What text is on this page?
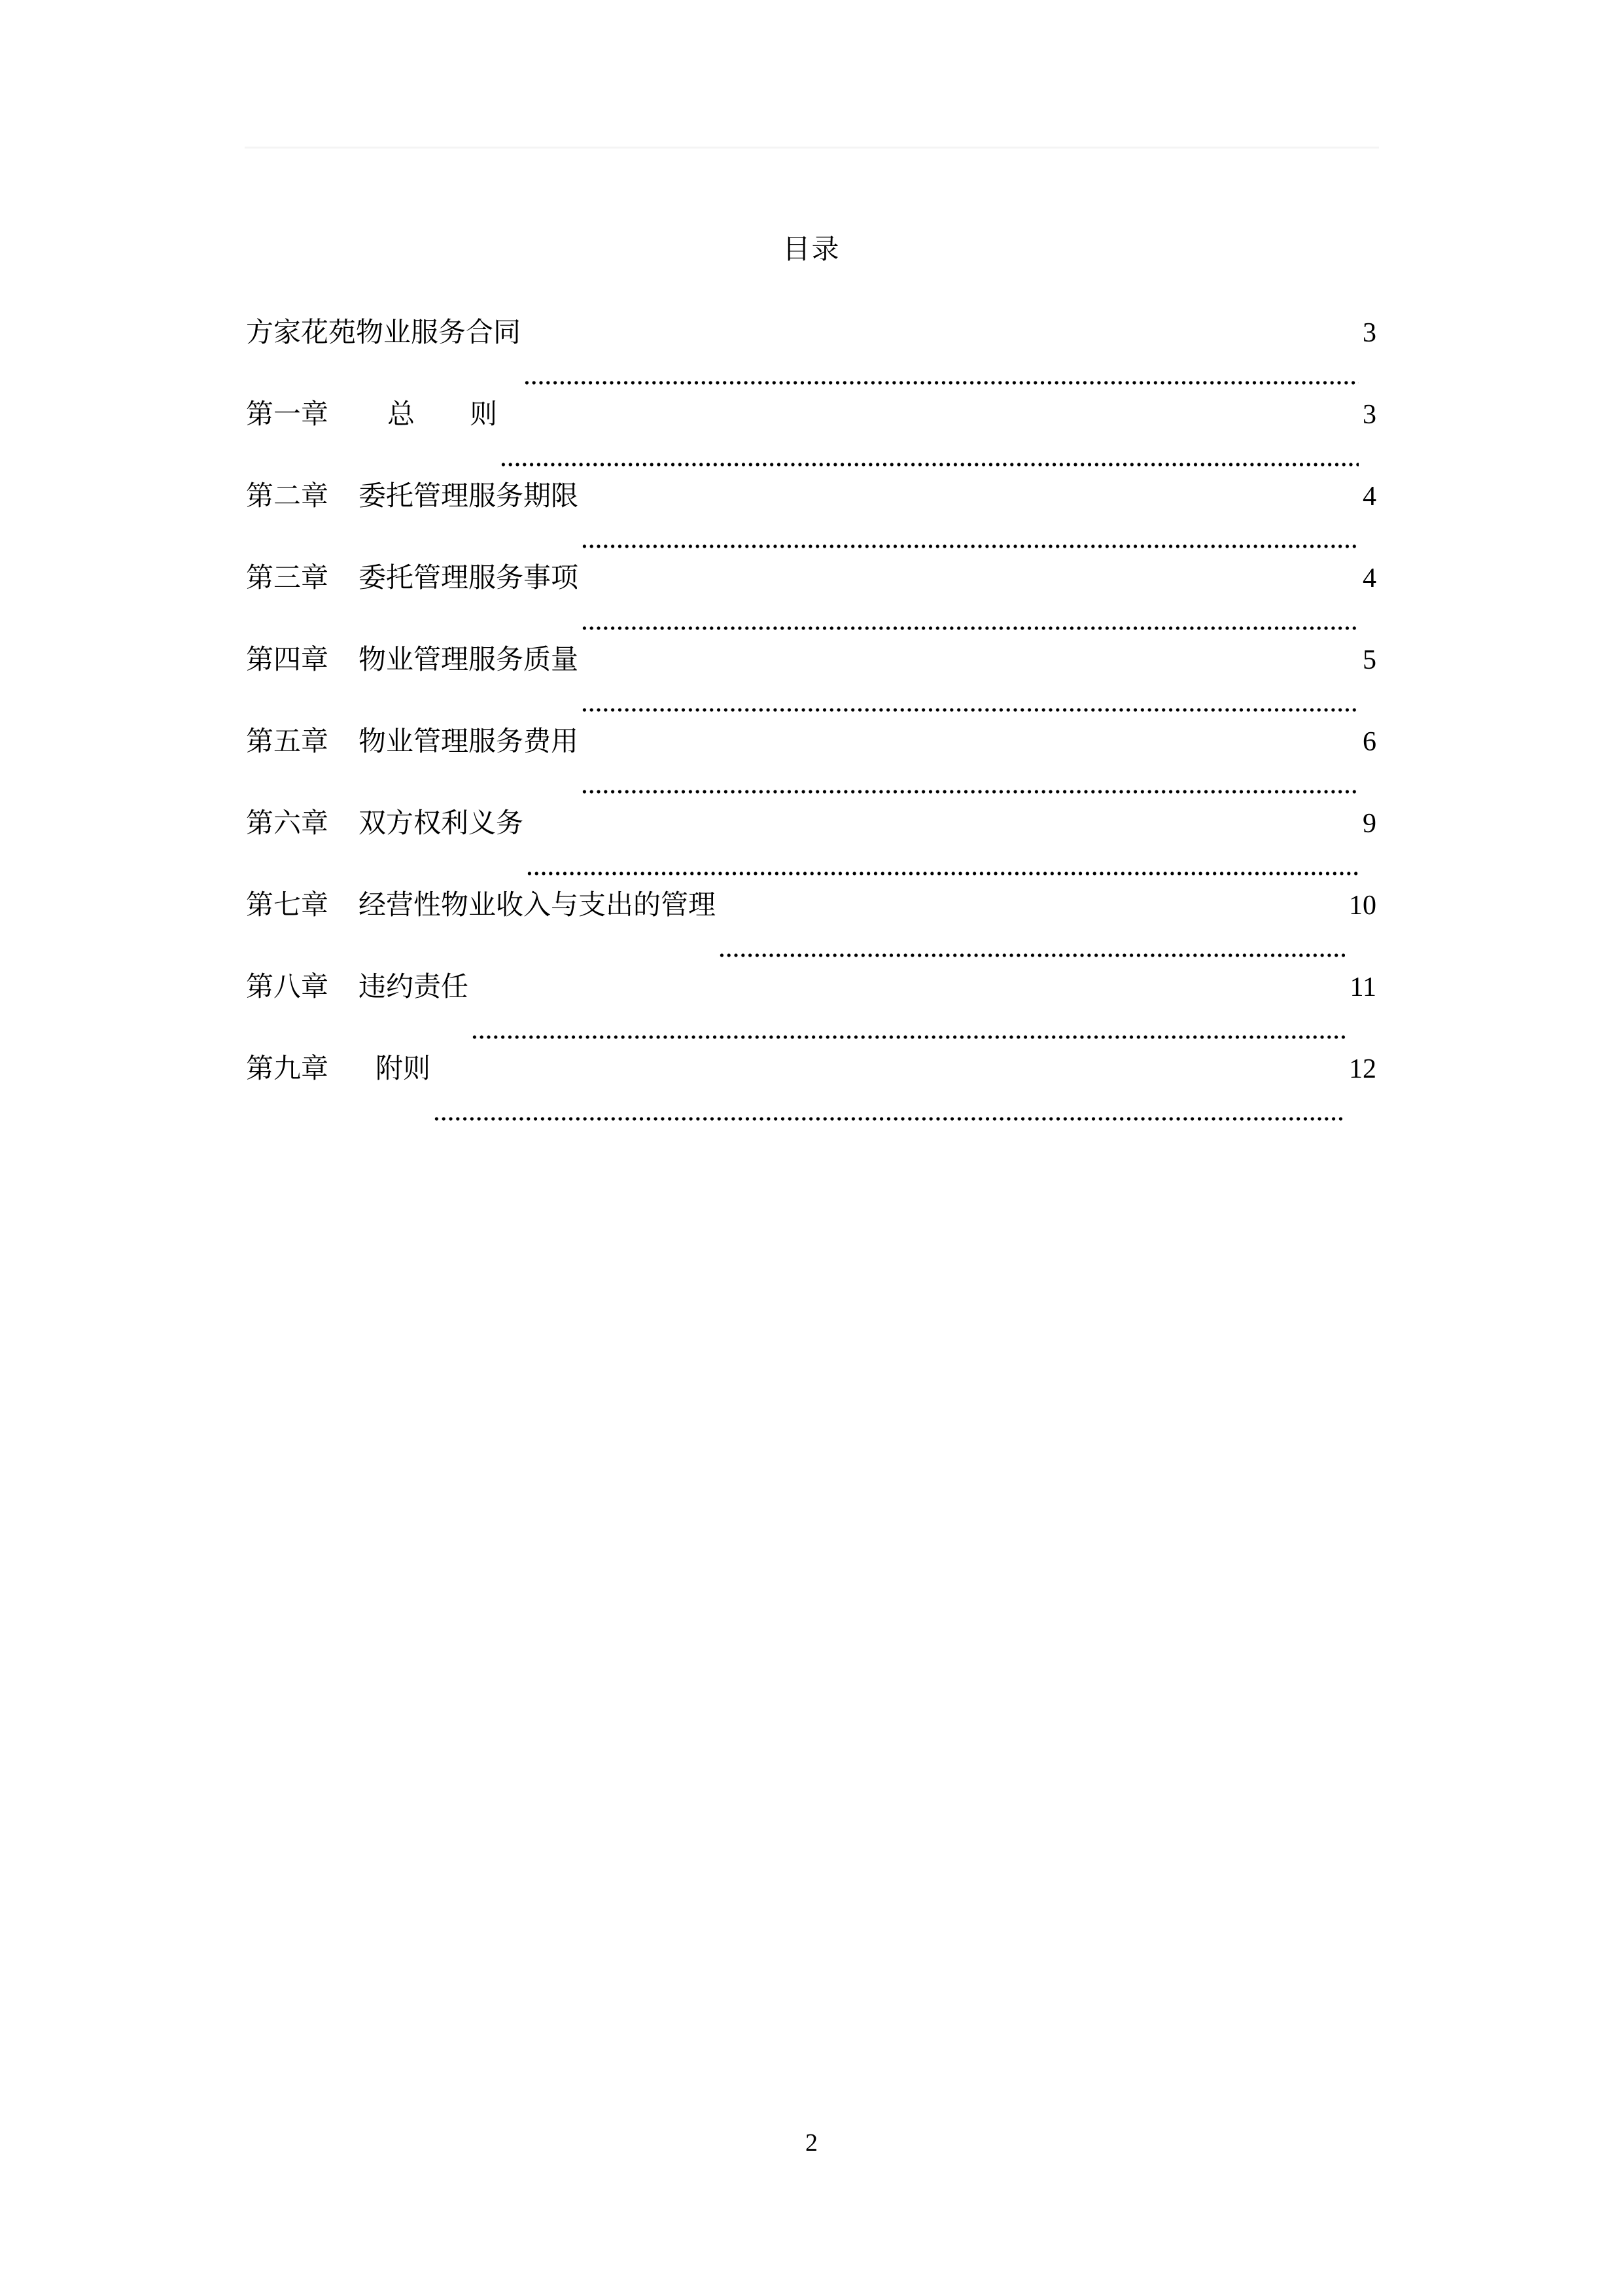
目录
方家花苑物业服务合同	3
第一章 总　　则	3
第二章 委托管理服务期限	4
第三章 委托管理服务事项	4
第四章 物业管理服务质量	5
第五章 物业管理服务费用	6
第六章 双方权利义务	9
第七章 经营性物业收入与支出的管理	10
第八章 违约责任	11
第九章 附则	12
2
